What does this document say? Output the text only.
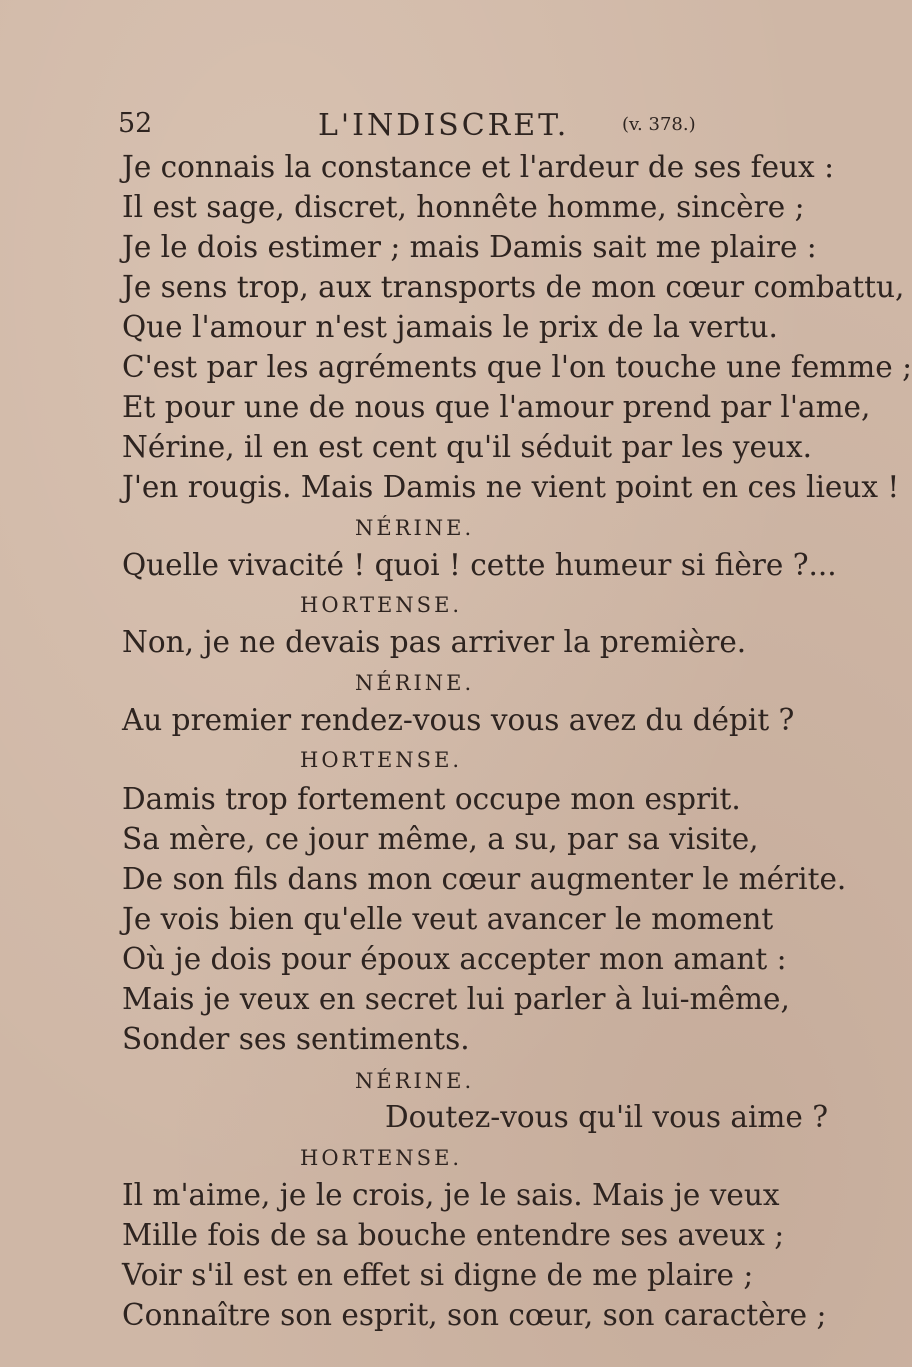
52	L'INDISCRET.	(v. 378.)
Je connais la constance et l'ardeur de ses feux :
Il est sage, discret, honnête homme, sincère ;
Je le dois estimer ; mais Damis sait me plaire :
Je sens trop, aux transports de mon cœur combattu,
Que l'amour n'est jamais le prix de la vertu.
C'est par les agréments que l'on touche une femme ;
Et pour une de nous que l'amour prend par l'ame,
Nérine, il en est cent qu'il séduit par les yeux.
J'en rougis. Mais Damis ne vient point en ces lieux !
NÉRINE.
Quelle vivacité ! quoi ! cette humeur si fière ?...
HORTENSE.
Non, je ne devais pas arriver la première.
NÉRINE.
Au premier rendez-vous vous avez du dépit ?
HORTENSE.
Damis trop fortement occupe mon esprit.
Sa mère, ce jour même, a su, par sa visite,
De son fils dans mon cœur augmenter le mérite.
Je vois bien qu'elle veut avancer le moment
Où je dois pour époux accepter mon amant :
Mais je veux en secret lui parler à lui-même,
Sonder ses sentiments.
NÉRINE.
Doutez-vous qu'il vous aime ?
HORTENSE.
Il m'aime, je le crois, je le sais. Mais je veux
Mille fois de sa bouche entendre ses aveux ;
Voir s'il est en effet si digne de me plaire ;
Connaître son esprit, son cœur, son caractère ;
